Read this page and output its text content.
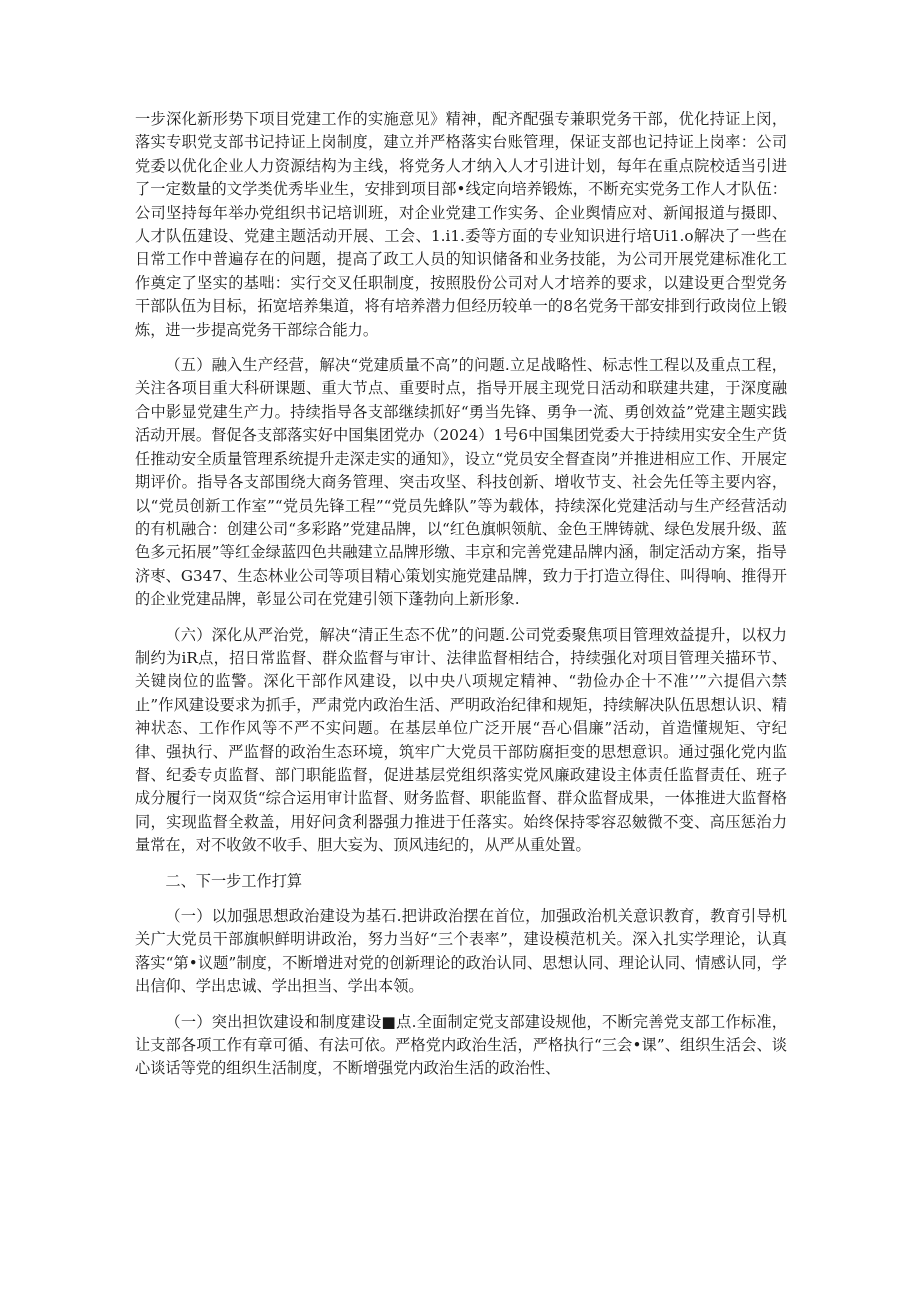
一步深化新形势下项目党建工作的实施意见》精神，配齐配强专兼职党务干部，优化持证上闵，落实专职党支部书记持证上岗制度，建立并严格落实台账管理，保证支部也记持证上岗率：公司党委以优化企业人力资源结构为主线，将党务人才纳入人才引进计划，每年在重点院校适当引进了一定数量的文学类优秀毕业生，安排到项目部•线定向培养锻炼，不断充实党务工作人才队伍：公司坚持每年举办党组织书记培训班，对企业党建工作实务、企业舆情应对、新闻报道与摄即、人才队伍建设、党建主题活动开展、工会、1.i1.委等方面的专业知识进行培Ui1.o解决了一些在日常工作中普遍存在的问题，提高了政工人员的知识储备和业务技能，为公司开展党建标准化工作奠定了坚实的基咄：实行交叉任职制度，按照股份公司对人才培养的要求，以建设更合型党务干部队伍为目标，拓宽培养集道，将有培养潜力但经历较单一的8名党务干部安排到行政岗位上锻炼，进一步提高党务干部综合能力。

（五）融入生产经营，解决“党建质量不高”的问题.立足战略性、标志性工程以及重点工程，关注各项目重大科研课题、重大节点、重要时点，指导开展主现党日活动和联建共建，于深度融合中影显党建生产力。持续指导各支部继续抓好“勇当先锋、勇争一流、勇创效益”党建主题实践活动开展。督促各支部落实好中国集团党办（2024）1号6中国集团党委大于持续用实安全生产货任推动安全质量管理系统提升走深走实的通知》，设立“党员安全督查岗”并推进相应工作、开展定期评价。指导各支部围绕大商务管理、突击攻坚、科技创新、增收节支、社会先任等主要内容，以“党员创新工作室”“党员先锋工程”“党员先蜂队”等为载体，持续深化党建活动与生产经营活动的有机融合：创建公司“多彩路”党建品牌，以“红色旗帜领航、金色王牌铸就、绿色发展升级、蓝色多元拓展”等红金绿蓝四色共融建立品牌形缴、丰京和完善党建品牌内涵，制定活动方案，指导济枣、G347、生态林业公司等项目精心策划实施党建品牌，致力于打造立得住、叫得响、推得开的企业党建品牌，彰显公司在党建引领下蓬勃向上新形象.

（六）深化从严治党，解决“清正生态不优”的问题.公司党委聚焦项目管理效益提升，以权力制约为iR点，招日常监督、群众监督与审计、法律监督相结合，持续强化对项目管理关描环节、关键岗位的监警。深化干部作风建设，以中央八项规定精神、“勃俭办企十不准’’”六提倡六禁止”作风建设要求为抓手，严肃党内政治生活、严明政治纪律和规矩，持续解决队伍思想认识、精神状态、工作作风等不严不实问题。在基层单位广泛开展“吾心倡廉”活动，首造懂规矩、守纪律、强执行、严监督的政治生态环境，筑牢广大党员干部防腐拒变的思想意识。通过强化党内监督、纪委专贞监督、部门职能监督，促进基层党组织落实党风廉政建设主体责任监督责任、班子成分履行一岗双货“综合运用审计监督、财务监督、职能监督、群众监督成果，一体推进大监督格同，实现监督全救盖，用好问贪利器强力推进于任落实。始终保持零容忍皴微不变、高压惩治力量常在，对不收敛不收手、胆大妄为、顶风违纪的，从严从重处置。

二、下一步工作打算

（一）以加强思想政治建设为基石.把讲政治摆在首位，加强政治机关意识教育，教育引导机关广大党员干部旗帜鲜明讲政治，努力当好“三个表率”，建设模范机关。深入扎实学理论，认真落实“第•议题”制度，不断增进对党的创新理论的政治认同、思想认同、理论认同、情感认同，学出信仰、学出忠诚、学出担当、学出本领。

（一）突出担饮建设和制度建设■点.全面制定党支部建设规他，不断完善党支部工作标准，让支部各项工作有章可循、有法可依。严格党内政治生活，严格执行“三会•课”、组织生活会、谈心谈话等党的组织生活制度，不断增强党内政治生活的政治性、
